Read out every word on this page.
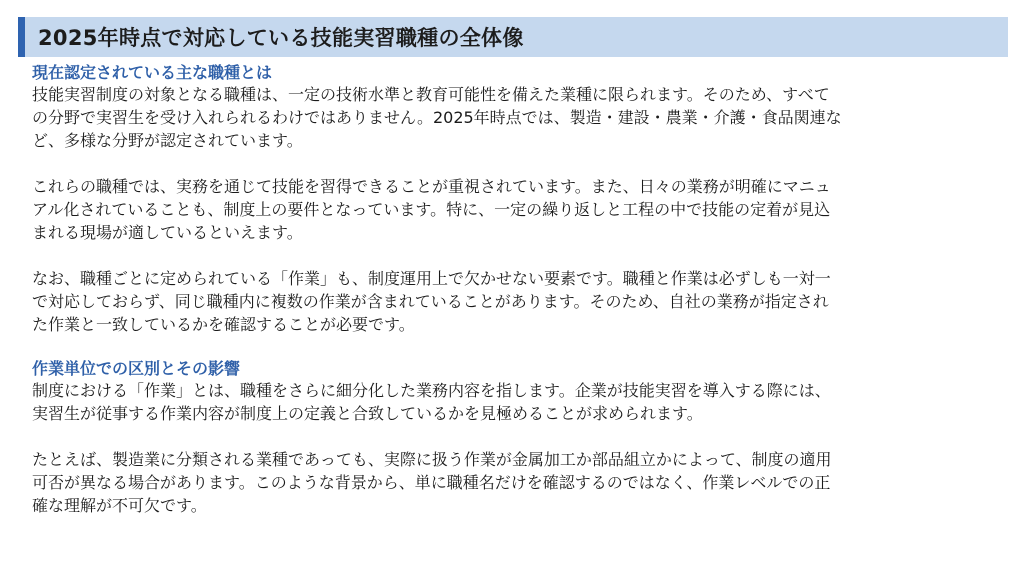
2025年時点で対応している技能実習職種の全体像
現在認定されている主な職種とは

技能実習制度の対象となる職種は、一定の技術水準と教育可能性を備えた業種に限られます。そのため、すべて
の分野で実習生を受け入れられるわけではありません。2025年時点では、製造・建設・農業・介護・食品関連な
ど、多様な分野が認定されています。

これらの職種では、実務を通じて技能を習得できることが重視されています。また、日々の業務が明確にマニュ
アル化されていることも、制度上の要件となっています。特に、一定の繰り返しと工程の中で技能の定着が見込
まれる現場が適しているといえます。

なお、職種ごとに定められている「作業」も、制度運用上で欠かせない要素です。職種と作業は必ずしも一対一
で対応しておらず、同じ職種内に複数の作業が含まれていることがあります。そのため、自社の業務が指定され
た作業と一致しているかを確認することが必要です。

作業単位での区別とその影響

制度における「作業」とは、職種をさらに細分化した業務内容を指します。企業が技能実習を導入する際には、
実習生が従事する作業内容が制度上の定義と合致しているかを見極めることが求められます。

たとえば、製造業に分類される業種であっても、実際に扱う作業が金属加工か部品組立かによって、制度の適用
可否が異なる場合があります。このような背景から、単に職種名だけを確認するのではなく、作業レベルでの正
確な理解が不可欠です。
